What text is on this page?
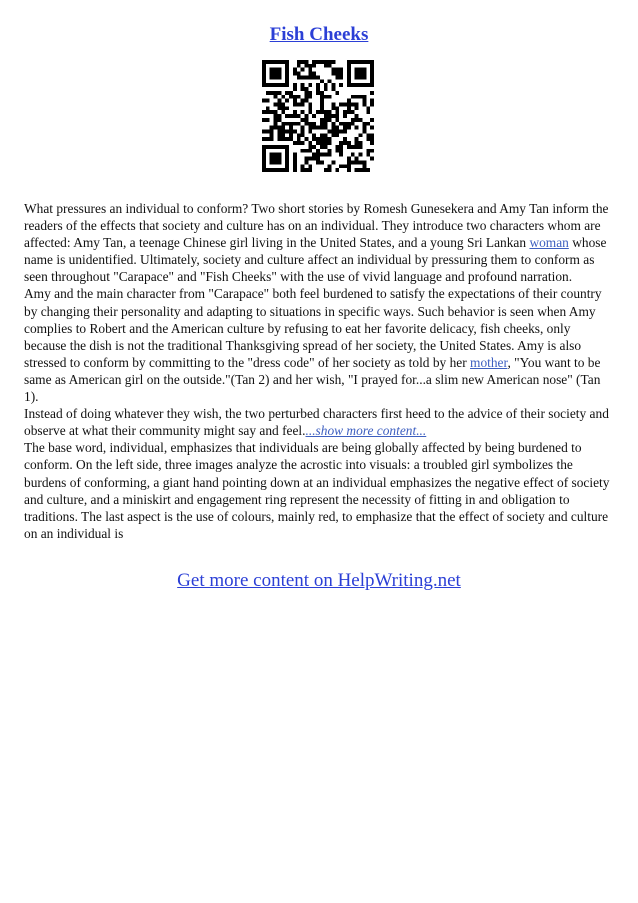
Fish Cheeks

What pressures an individual to conform? Two short stories by Romesh Gunesekera and Amy Tan inform the readers of the effects that society and culture has on an individual. They introduce two characters whom are affected: Amy Tan, a teenage Chinese girl living in the United States, and a young Sri Lankan woman whose name is unidentified. Ultimately, society and culture affect an individual by pressuring them to conform as seen throughout "Carapace" and "Fish Cheeks" with the use of vivid language and profound narration.

Amy and the main character from "Carapace" both feel burdened to satisfy the expectations of their country by changing their personality and adapting to situations in specific ways. Such behavior is seen when Amy complies to Robert and the American culture by refusing to eat her favorite delicacy, fish cheeks, only because the dish is not the traditional Thanksgiving spread of her society, the United States. Amy is also stressed to conform by committing to the "dress code" of her society as told by her mother, "You want to be same as American girl on the outside."(Tan 2) and her wish, "I prayed for...a slim new American nose" (Tan 1).

Instead of doing whatever they wish, the two perturbed characters first heed to the advice of their society and observe at what their community might say and feel....show more content...

The base word, individual, emphasizes that individuals are being globally affected by being burdened to conform. On the left side, three images analyze the acrostic into visuals: a troubled girl symbolizes the burdens of conforming, a giant hand pointing down at an individual emphasizes the negative effect of society and culture, and a miniskirt and engagement ring represent the necessity of fitting in and obligation to traditions. The last aspect is the use of colours, mainly red, to emphasize that the effect of society and culture on an individual is

Get more content on HelpWriting.net
